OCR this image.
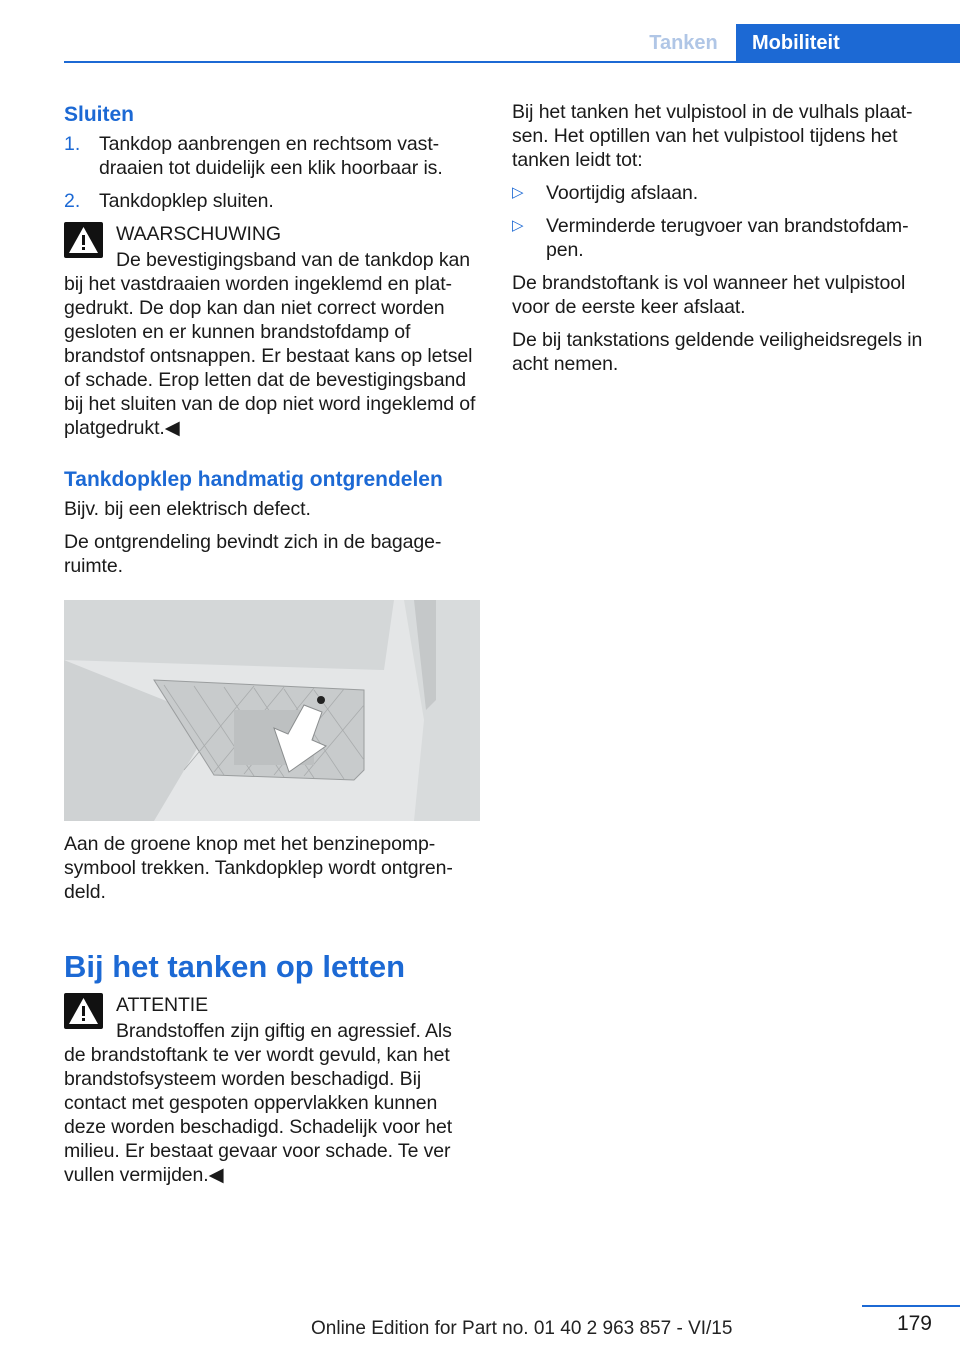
Tanken	Mobiliteit
Sluiten
1. Tankdop aanbrengen en rechtsom vastdraaien tot duidelijk een klik hoorbaar is.
2. Tankdopklep sluiten.

WAARSCHUWING

De bevestigingsband van de tankdop kan

bij het vastdraaien worden ingeklemd en platgedrukt. De dop kan dan niet correct worden gesloten en er kunnen brandstofdamp of brandstof ontsnappen. Er bestaat kans op letsel of schade. Erop letten dat de bevestigingsband bij het sluiten van de dop niet word ingeklemd of platgedrukt.◀

Tankdopklep handmatig ontgrendelen

Bijv. bij een elektrisch defect.

De ontgrendeling bevindt zich in de bagageruimte.

Aan de groene knop met het benzinepompsymbool trekken. Tankdopklep wordt ontgrendeld.

Bij het tanken op letten

ATTENTIE

Brandstoffen zijn giftig en agressief. Als

de brandstoftank te ver wordt gevuld, kan het brandstofsysteem worden beschadigd. Bij contact met gespoten oppervlakken kunnen deze worden beschadigd. Schadelijk voor het milieu. Er bestaat gevaar voor schade. Te ver vullen vermijden.◀

Bij het tanken het vulpistool in de vulhals plaatsen. Het optillen van het vulpistool tijdens het tanken leidt tot:

▷	Voortijdig afslaan.
▷	Verminderde terugvoer van brandstofdampen.

De brandstoftank is vol wanneer het vulpistool voor de eerste keer afslaat.

De bij tankstations geldende veiligheidsregels in acht nemen.

179
Online Edition for Part no. 01 40 2 963 857 - VI/15
